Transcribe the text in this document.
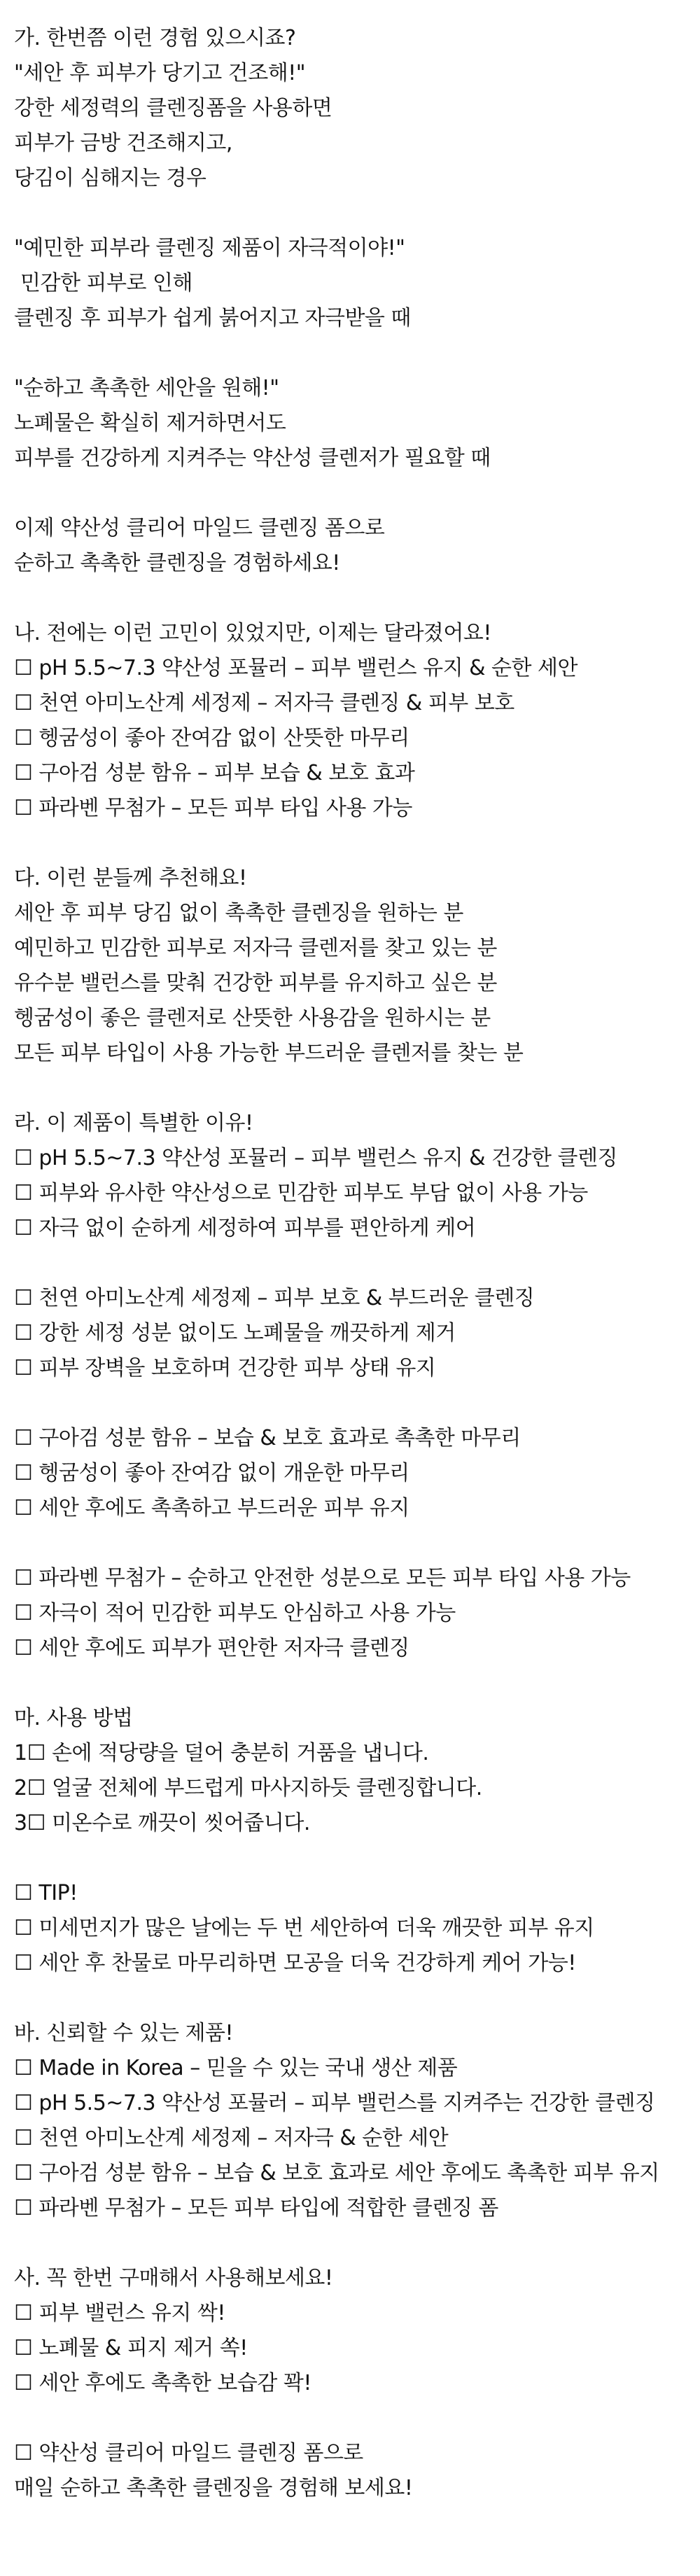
가. 한번쯤 이런 경험 있으시죠?
"세안 후 피부가 당기고 건조해!"
강한 세정력의 클렌징폼을 사용하면
피부가 금방 건조해지고,
당김이 심해지는 경우
"예민한 피부라 클렌징 제품이 자극적이야!"
민감한 피부로 인해
클렌징 후 피부가 쉽게 붉어지고 자극받을 때
"순하고 촉촉한 세안을 원해!"
노폐물은 확실히 제거하면서도
피부를 건강하게 지켜주는 약산성 클렌저가 필요할 때
이제 약산성 클리어 마일드 클렌징 폼으로
순하고 촉촉한 클렌징을 경험하세요!
나. 전에는 이런 고민이 있었지만, 이제는 달라졌어요!
☐ pH 5.5~7.3 약산성 포뮬러 – 피부 밸런스 유지 & 순한 세안
☐ 천연 아미노산계 세정제 – 저자극 클렌징 & 피부 보호
☐ 헹굼성이 좋아 잔여감 없이 산뜻한 마무리
☐ 구아검 성분 함유 – 피부 보습 & 보호 효과
☐ 파라벤 무첨가 – 모든 피부 타입 사용 가능
다. 이런 분들께 추천해요!
세안 후 피부 당김 없이 촉촉한 클렌징을 원하는 분
예민하고 민감한 피부로 저자극 클렌저를 찾고 있는 분
유수분 밸런스를 맞춰 건강한 피부를 유지하고 싶은 분
헹굼성이 좋은 클렌저로 산뜻한 사용감을 원하시는 분
모든 피부 타입이 사용 가능한 부드러운 클렌저를 찾는 분
라. 이 제품이 특별한 이유!
☐ pH 5.5~7.3 약산성 포뮬러 – 피부 밸런스 유지 & 건강한 클렌징
☐ 피부와 유사한 약산성으로 민감한 피부도 부담 없이 사용 가능
☐ 자극 없이 순하게 세정하여 피부를 편안하게 케어
☐ 천연 아미노산계 세정제 – 피부 보호 & 부드러운 클렌징
☐ 강한 세정 성분 없이도 노폐물을 깨끗하게 제거
☐ 피부 장벽을 보호하며 건강한 피부 상태 유지
☐ 구아검 성분 함유 – 보습 & 보호 효과로 촉촉한 마무리
☐ 헹굼성이 좋아 잔여감 없이 개운한 마무리
☐ 세안 후에도 촉촉하고 부드러운 피부 유지
☐ 파라벤 무첨가 – 순하고 안전한 성분으로 모든 피부 타입 사용 가능
☐ 자극이 적어 민감한 피부도 안심하고 사용 가능
☐ 세안 후에도 피부가 편안한 저자극 클렌징
마. 사용 방법
1☐ 손에 적당량을 덜어 충분히 거품을 냅니다.
2☐ 얼굴 전체에 부드럽게 마사지하듯 클렌징합니다.
3☐ 미온수로 깨끗이 씻어줍니다.
☐ TIP!
☐ 미세먼지가 많은 날에는 두 번 세안하여 더욱 깨끗한 피부 유지
☐ 세안 후 찬물로 마무리하면 모공을 더욱 건강하게 케어 가능!
바. 신뢰할 수 있는 제품!
☐ Made in Korea – 믿을 수 있는 국내 생산 제품
☐ pH 5.5~7.3 약산성 포뮬러 – 피부 밸런스를 지켜주는 건강한 클렌징
☐ 천연 아미노산계 세정제 – 저자극 & 순한 세안
☐ 구아검 성분 함유 – 보습 & 보호 효과로 세안 후에도 촉촉한 피부 유지
☐ 파라벤 무첨가 – 모든 피부 타입에 적합한 클렌징 폼
사. 꼭 한번 구매해서 사용해보세요!
☐ 피부 밸런스 유지 싹!
☐ 노폐물 & 피지 제거 쏙!
☐ 세안 후에도 촉촉한 보습감 꽉!
☐ 약산성 클리어 마일드 클렌징 폼으로
매일 순하고 촉촉한 클렌징을 경험해 보세요!
